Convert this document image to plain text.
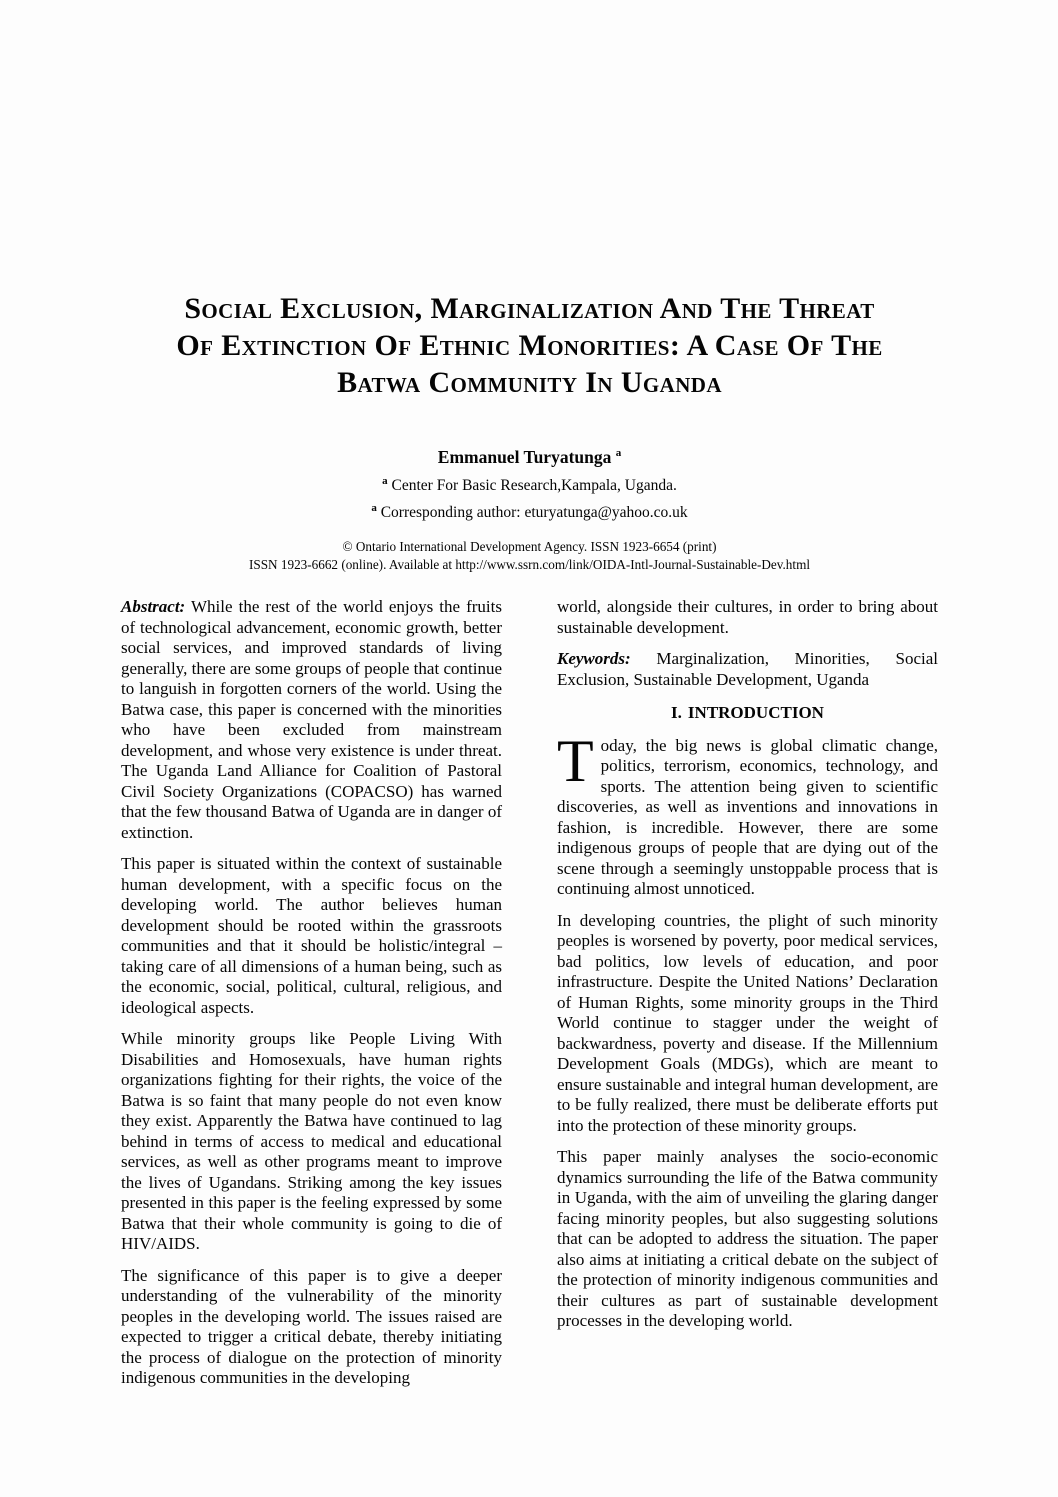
Social Exclusion, Marginalization And The Threat
Of Extinction Of Ethnic Monorities: A Case Of The
Batwa Community In Uganda
Emmanuel Turyatunga $^a$
$^a$ Center For Basic Research,Kampala, Uganda.
$^a$ Corresponding author: eturyatunga@yahoo.co.uk
© Ontario International Development Agency. ISSN 1923-6654 (print)
ISSN 1923-6662 (online). Available at http://www.ssrn.com/link/OIDA-Intl-Journal-Sustainable-Dev.html

Abstract: While the rest of the world enjoys the fruits of technological advancement, economic growth, better social services, and improved standards of living generally, there are some groups of people that continue to languish in forgotten corners of the world. Using the Batwa case, this paper is concerned with the minorities who have been excluded from mainstream development, and whose very existence is under threat. The Uganda Land Alliance for Coalition of Pastoral Civil Society Organizations (COPACSO) has warned that the few thousand Batwa of Uganda are in danger of extinction.

This paper is situated within the context of sustainable human development, with a specific focus on the developing world. The author believes human development should be rooted within the grassroots communities and that it should be holistic/integral – taking care of all dimensions of a human being, such as the economic, social, political, cultural, religious, and ideological aspects.

While minority groups like People Living With Disabilities and Homosexuals, have human rights organizations fighting for their rights, the voice of the Batwa is so faint that many people do not even know they exist. Apparently the Batwa have continued to lag behind in terms of access to medical and educational services, as well as other programs meant to improve the lives of Ugandans. Striking among the key issues presented in this paper is the feeling expressed by some Batwa that their whole community is going to die of HIV/AIDS.

The significance of this paper is to give a deeper understanding of the vulnerability of the minority peoples in the developing world. The issues raised are expected to trigger a critical debate, thereby initiating the process of dialogue on the protection of minority indigenous communities in the developing

world, alongside their cultures, in order to bring about sustainable development.

Keywords: Marginalization, Minorities, Social Exclusion, Sustainable Development, Uganda

I. INTRODUCTION

Today, the big news is global climatic change, politics, terrorism, economics, technology, and sports. The attention being given to scientific discoveries, as well as inventions and innovations in fashion, is incredible. However, there are some indigenous groups of people that are dying out of the scene through a seemingly unstoppable process that is continuing almost unnoticed.

In developing countries, the plight of such minority peoples is worsened by poverty, poor medical services, bad politics, low levels of education, and poor infrastructure. Despite the United Nations’ Declaration of Human Rights, some minority groups in the Third World continue to stagger under the weight of backwardness, poverty and disease. If the Millennium Development Goals (MDGs), which are meant to ensure sustainable and integral human development, are to be fully realized, there must be deliberate efforts put into the protection of these minority groups.

This paper mainly analyses the socio-economic dynamics surrounding the life of the Batwa community in Uganda, with the aim of unveiling the glaring danger facing minority peoples, but also suggesting solutions that can be adopted to address the situation. The paper also aims at initiating a critical debate on the subject of the protection of minority indigenous communities and their cultures as part of sustainable development processes in the developing world.
